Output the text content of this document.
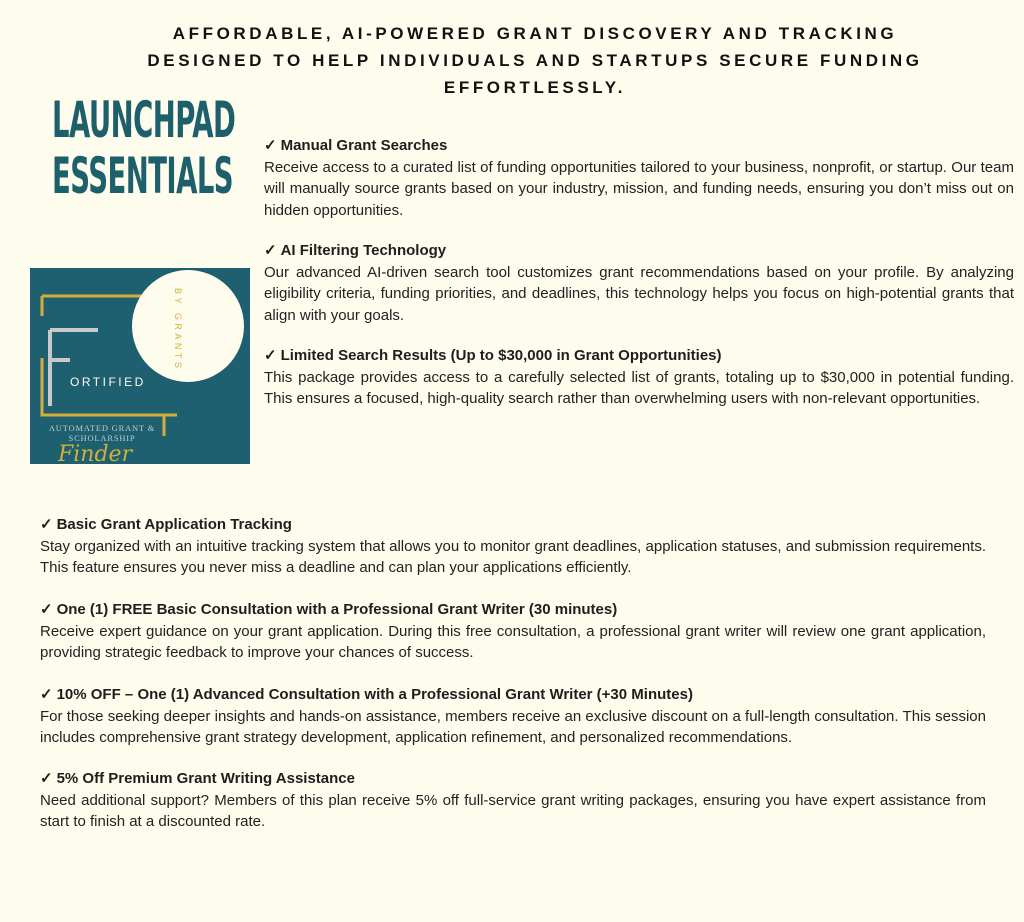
AFFORDABLE, AI-POWERED GRANT DISCOVERY AND TRACKING DESIGNED TO HELP INDIVIDUALS AND STARTUPS SECURE FUNDING EFFORTLESSLY.
LAUNCHPAD
ESSENTIALS
ORTIFIED
BY GRANTS
AUTOMATED GRANT &
SCHOLARSHIP
Finder
✓ Manual Grant Searches
Receive access to a curated list of funding opportunities tailored to your business, nonprofit, or startup. Our team will manually source grants based on your industry, mission, and funding needs, ensuring you don’t miss out on hidden opportunities.
✓ AI Filtering Technology
Our advanced AI-driven search tool customizes grant recommendations based on your profile. By analyzing eligibility criteria, funding priorities, and deadlines, this technology helps you focus on high-potential grants that align with your goals.
✓ Limited Search Results (Up to $30,000 in Grant Opportunities)
This package provides access to a carefully selected list of grants, totaling up to $30,000 in potential funding. This ensures a focused, high-quality search rather than overwhelming users with non-relevant opportunities.
✓ Basic Grant Application Tracking
Stay organized with an intuitive tracking system that allows you to monitor grant deadlines, application statuses, and submission requirements. This feature ensures you never miss a deadline and can plan your applications efficiently.
✓ One (1) FREE Basic Consultation with a Professional Grant Writer (30 minutes)
Receive expert guidance on your grant application. During this free consultation, a professional grant writer will review one grant application, providing strategic feedback to improve your chances of success.
✓ 10% OFF – One (1) Advanced Consultation with a Professional Grant Writer (+30 Minutes)
For those seeking deeper insights and hands-on assistance, members receive an exclusive discount on a full-length consultation. This session includes comprehensive grant strategy development, application refinement, and personalized recommendations.
✓ 5% Off Premium Grant Writing Assistance
Need additional support? Members of this plan receive 5% off full-service grant writing packages, ensuring you have expert assistance from start to finish at a discounted rate.
